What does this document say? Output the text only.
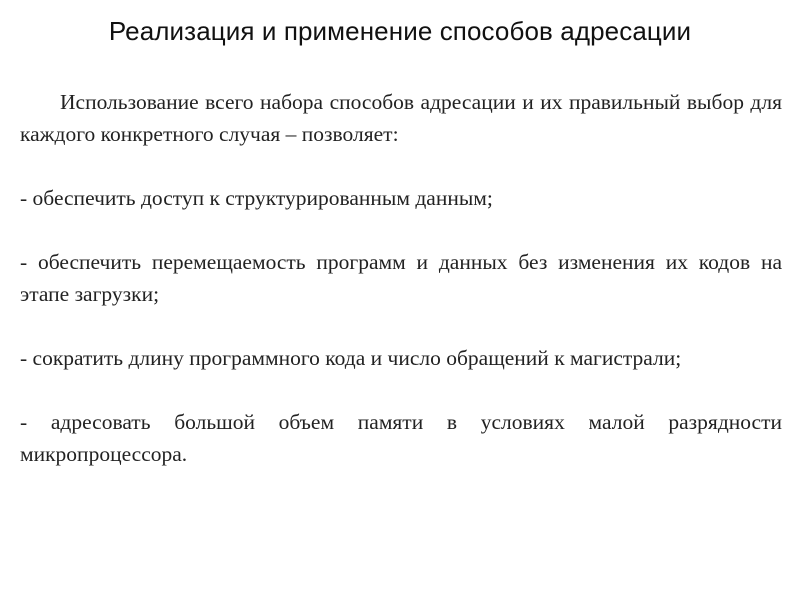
Реализация и применение способов адресации

Использование всего набора способов адресации и их правильный выбор для каждого конкретного случая – позволяет:

- обеспечить доступ к структурированным данным;

- обеспечить перемещаемость программ и данных без изменения их кодов на этапе загрузки;

- сократить длину программного кода и число обращений к магистрали;

- адресовать большой объем памяти в условиях малой разрядности микропроцессора.
